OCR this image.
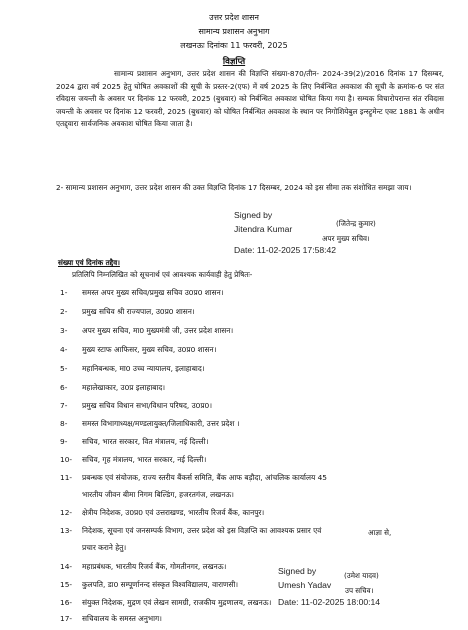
उत्तर प्रदेश शासन
सामान्य प्रशासन अनुभाग
लखनऊः दिनांकः 11 फरवरी, 2025
विज्ञप्ति
सामान्य प्रशासन अनुभाग, उत्तर प्रदेश शासन की विज्ञप्ति संख्या-870/तीन- 2024-39(2)/2016 दिनांक 17 दिसम्बर, 2024 द्वारा वर्ष 2025 हेतु घोषित अवकाशों की सूची के प्रस्तर-2(एफ) में वर्ष 2025 के लिए निर्बन्धित अवकाश की सूची के क्रमांक-6 पर संत रविदास जयन्ती के अवसर पर दिनांक 12 फरवरी, 2025 (बुधवार) को निर्बन्धित अवकाश घोषित किया गया है। सम्यक विचारोपरान्त संत रविदास जयन्ती के अवसर पर दिनांक 12 फरवरी, 2025 (बुधवार) को घोषित निर्बन्धित अवकाश के स्थान पर निगोशियेबुल इन्स्ट्रूमेन्ट एक्ट 1881 के अधीन एतद्द्वारा सार्वजनिक अवकाश घोषित किया जाता है।
2- सामान्य प्रशासन अनुभाग, उत्तर प्रदेश शासन की उक्त विज्ञप्ति दिनांक 17 दिसम्बर, 2024 को इस सीमा तक संशोधित समझा जाय।
Signed by
Jitendra Kumar
Date: 11-02-2025 17:58:42
(जितेन्द्र कुमार)
अपर मुख्य सचिव।
संख्या एवं दिनांक तद्दैव।
प्रतिलिपि निम्नलिखित को सूचनार्थ एवं आवश्यक कार्यवाही हेतु प्रेषितः-
1- समस्त अपर मुख्य सचिव/प्रमुख सचिव उ0प्र0 शासन।
2- प्रमुख सचिव श्री राज्यपाल, उ0प्र0 शासन।
3- अपर मुख्य सचिव, मा0 मुख्यमंत्री जी, उत्तर प्रदेश शासन।
4- मुख्य स्टाफ आफिसर, मुख्य सचिव, उ0प्र0 शासन।
5- महानिबन्धक, मा0 उच्च न्यायालय, इलाहाबाद।
6- महालेखाकार, उ0प्र इलाहाबाद।
7- प्रमुख सचिव विधान सभा/विधान परिषद, उ0प्र0।
8- समस्त विभागाध्यक्ष/मण्डलायुक्त/जिलाधिकारी, उत्तर प्रदेश ।
9- सचिव, भारत सरकार, वित मंत्रालय, नई दिल्ली।
10- सचिव, गृह मंत्रालय, भारत सरकार, नई दिल्ली।
11- प्रबन्धक एवं संयोजक, राज्य स्तरीय बैंकर्स समिति, बैंक आफ बड़ौदा, आंचलिक कार्यालय 45
भारतीय जीवन बीमा निगम बिल्डिंग, हजरतगंज, लखनऊ।
12- क्षेत्रीय निदेशक, उ0प्र0 एवं उत्तराखण्ड, भारतीय रिजर्व बैंक, कानपुर।
13- निदेशक, सूचना एवं जनसम्पर्क विभाग, उत्तर प्रदेश को इस विज्ञप्ति का आवश्यक प्रसार एवं
प्रचार कराने हेतु।
14- महाप्रबंधक, भारतीय रिजर्व बैंक, गोमतीनगर, लखनऊ।
15- कुलपति, डा0 सम्पूर्णानन्द संस्कृत विश्वविद्यालय, वाराणसी।
16- संयुक्त निदेशक, मुद्रण एवं लेखन सामग्री, राजकीय मुद्रणालय, लखनऊ।
17- सचिवालय के समस्त अनुभाग।
आज्ञा से,
Signed by
Umesh Yadav
Date: 11-02-2025 18:00:14
(उमेश यादव)
उप सचिव।
